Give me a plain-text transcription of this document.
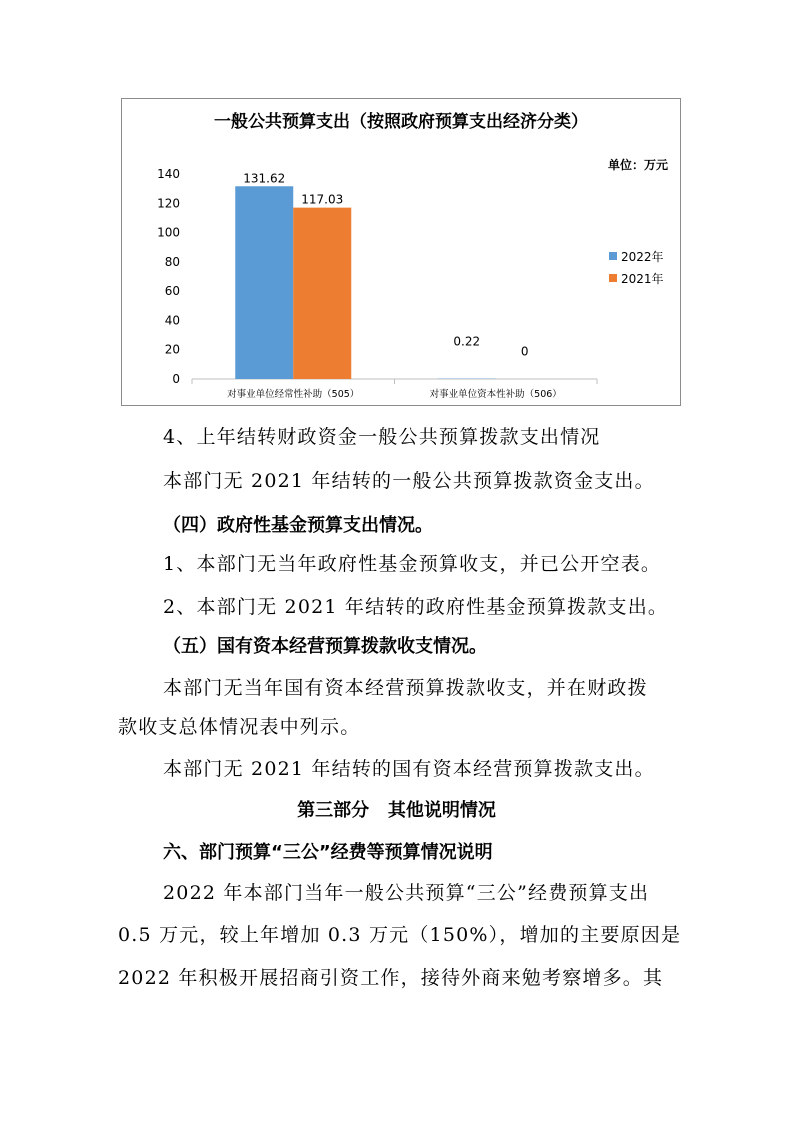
0
20
40
60
80
100
120
140	131.62
117.03
对事业单位经常性补助（505）
0.22
0
对事业单位资本性补助（506）
一般公共预算支出（按照政府预算支出经济分类）
单位：万元
2022年
2021年
4、上年结转财政资金一般公共预算拨款支出情况
本部门无 2021 年结转的一般公共预算拨款资金支出。
（四）政府性基金预算支出情况。
1、本部门无当年政府性基金预算收支，并已公开空表。
2、本部门无 2021 年结转的政府性基金预算拨款支出。
（五）国有资本经营预算拨款收支情况。
本部门无当年国有资本经营预算拨款收支，并在财政拨
款收支总体情况表中列示。
本部门无 2021 年结转的国有资本经营预算拨款支出。
第三部分   其他说明情况
六、部门预算“三公”经费等预算情况说明
2022 年本部门当年一般公共预算“三公”经费预算支出
0.5 万元，较上年增加 0.3 万元（150%），增加的主要原因是
2022 年积极开展招商引资工作，接待外商来勉考察增多。其
